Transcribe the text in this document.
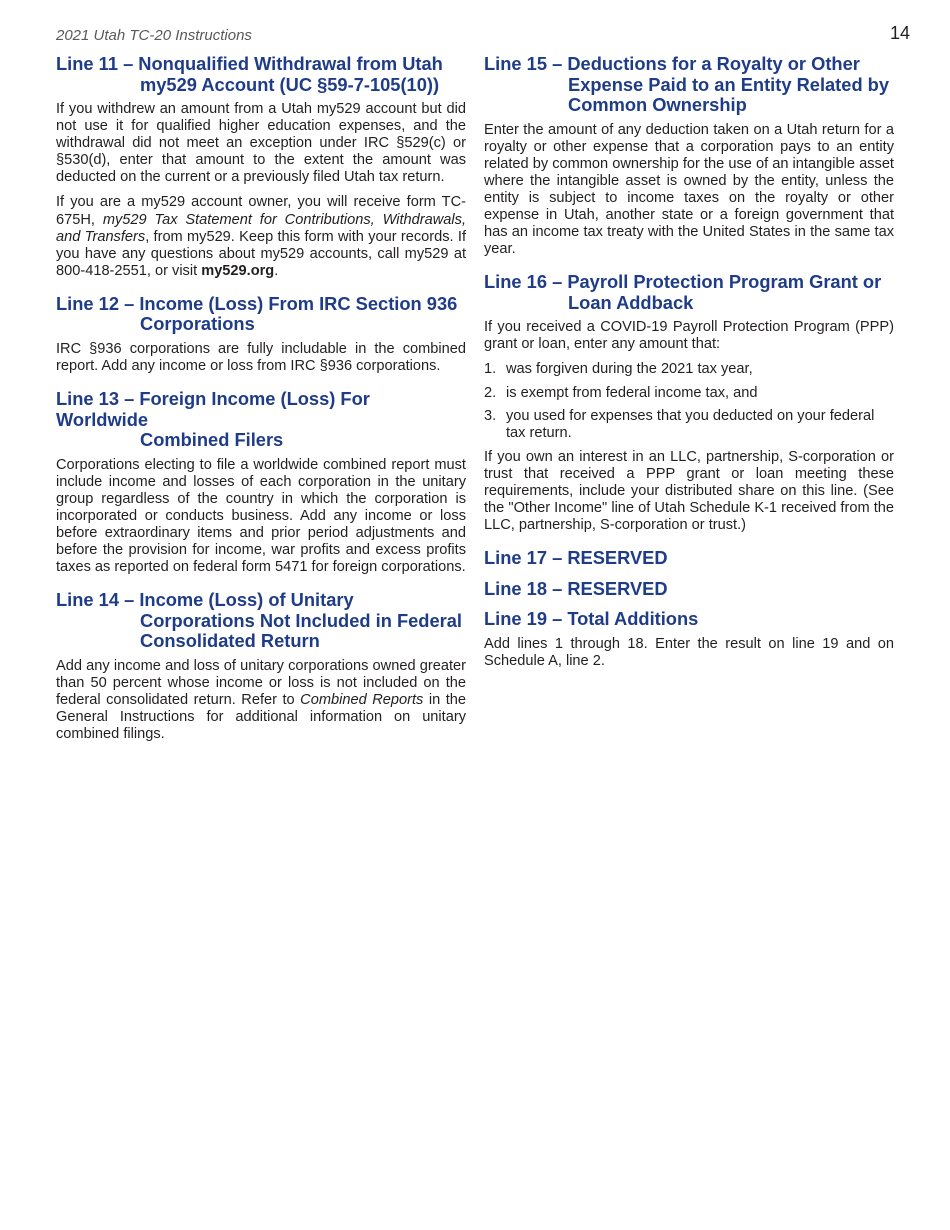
2021 Utah TC-20 Instructions	14
Line 11 – Nonqualified Withdrawal from Utah
my529 Account (UC §59-7-105(10))

If you withdrew an amount from a Utah my529 account but did not use it for qualified higher education expenses, and the withdrawal did not meet an exception under IRC §529(c) or §530(d), enter that amount to the extent the amount was deducted on the current or a previously filed Utah tax return.

If you are a my529 account owner, you will receive form TC-675H, my529 Tax Statement for Contributions, Withdrawals, and Transfers, from my529. Keep this form with your records. If you have any questions about my529 accounts, call my529 at 800-418-2551, or visit my529.org.

Line 12 – Income (Loss) From IRC Section 936
Corporations

IRC §936 corporations are fully includable in the combined report. Add any income or loss from IRC §936 corporations.

Line 13 – Foreign Income (Loss) For Worldwide
Combined Filers

Corporations electing to file a worldwide combined report must include income and losses of each corporation in the unitary group regardless of the country in which the corporation is incorporated or conducts business. Add any income or loss before extraordinary items and prior period adjustments and before the provision for income, war profits and excess profits taxes as reported on federal form 5471 for foreign corporations.

Line 14 – Income (Loss) of Unitary
Corporations Not Included in Federal
Consolidated Return

Add any income and loss of unitary corporations owned greater than 50 percent whose income or loss is not included on the federal consolidated return. Refer to Combined Reports in the General Instructions for additional information on unitary combined filings.

Line 15 – Deductions for a Royalty or Other
Expense Paid to an Entity Related by
Common Ownership

Enter the amount of any deduction taken on a Utah return for a royalty or other expense that a corporation pays to an entity related by common ownership for the use of an intangible asset where the intangible asset is owned by the entity, unless the entity is subject to income taxes on the royalty or other expense in Utah, another state or a foreign government that has an income tax treaty with the United States in the same tax year.

Line 16 – Payroll Protection Program Grant or
Loan Addback

If you received a COVID-19 Payroll Protection Program (PPP) grant or loan, enter any amount that:

1. was forgiven during the 2021 tax year,
2. is exempt from federal income tax, and
3. you used for expenses that you deducted on your federal tax return.

If you own an interest in an LLC, partnership, S-corporation or trust that received a PPP grant or loan meeting these requirements, include your distributed share on this line. (See the "Other Income" line of Utah Schedule K-1 received from the LLC, partnership, S-corporation or trust.)

Line 17 – RESERVED
Line 18 – RESERVED
Line 19 – Total Additions

Add lines 1 through 18. Enter the result on line 19 and on Schedule A, line 2.
